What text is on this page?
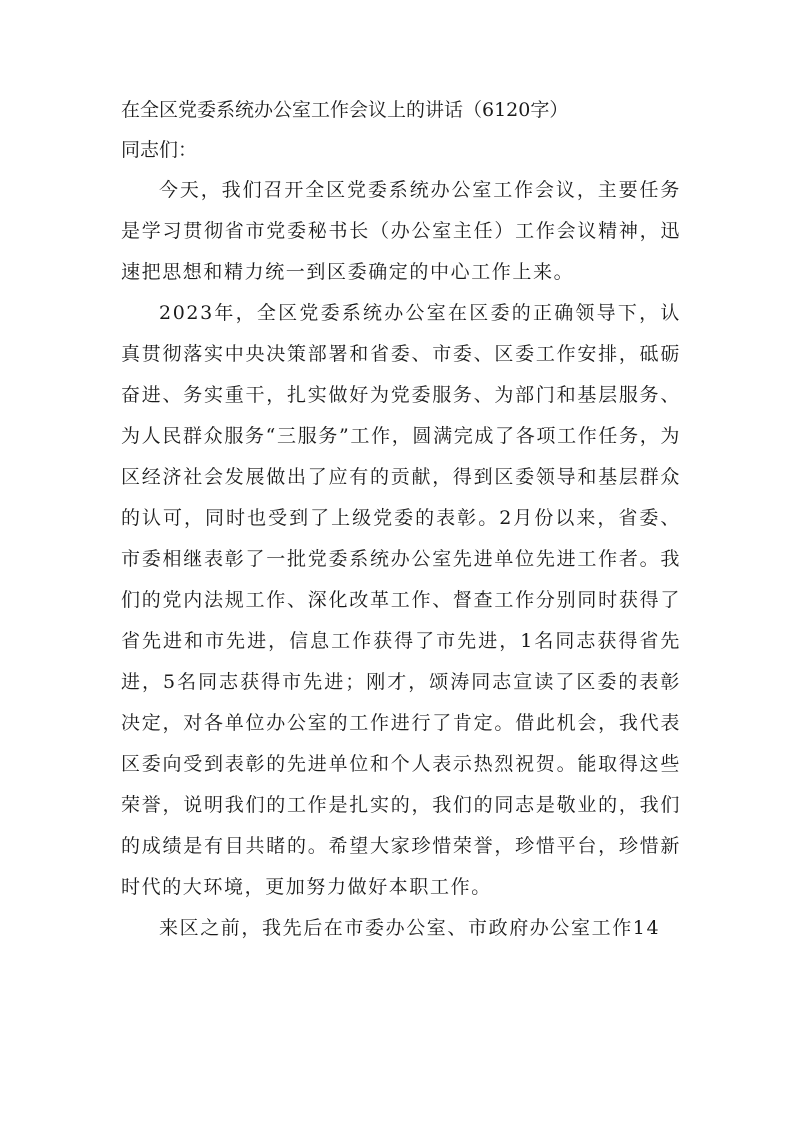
在全区党委系统办公室工作会议上的讲话（6120字）

同志们：

今天，我们召开全区党委系统办公室工作会议，主要任务是学习贯彻省市党委秘书长（办公室主任）工作会议精神，迅速把思想和精力统一到区委确定的中心工作上来。

2023年，全区党委系统办公室在区委的正确领导下，认真贯彻落实中央决策部署和省委、市委、区委工作安排，砥砺奋进、务实重干，扎实做好为党委服务、为部门和基层服务、为人民群众服务“三服务”工作，圆满完成了各项工作任务，为区经济社会发展做出了应有的贡献，得到区委领导和基层群众的认可，同时也受到了上级党委的表彰。2月份以来，省委、市委相继表彰了一批党委系统办公室先进单位先进工作者。我们的党内法规工作、深化改革工作、督查工作分别同时获得了省先进和市先进，信息工作获得了市先进，1名同志获得省先进，5名同志获得市先进；刚才，颂涛同志宣读了区委的表彰决定，对各单位办公室的工作进行了肯定。借此机会，我代表区委向受到表彰的先进单位和个人表示热烈祝贺。能取得这些荣誉，说明我们的工作是扎实的，我们的同志是敬业的，我们的成绩是有目共睹的。希望大家珍惜荣誉，珍惜平台，珍惜新时代的大环境，更加努力做好本职工作。

来区之前，我先后在市委办公室、市政府办公室工作14
